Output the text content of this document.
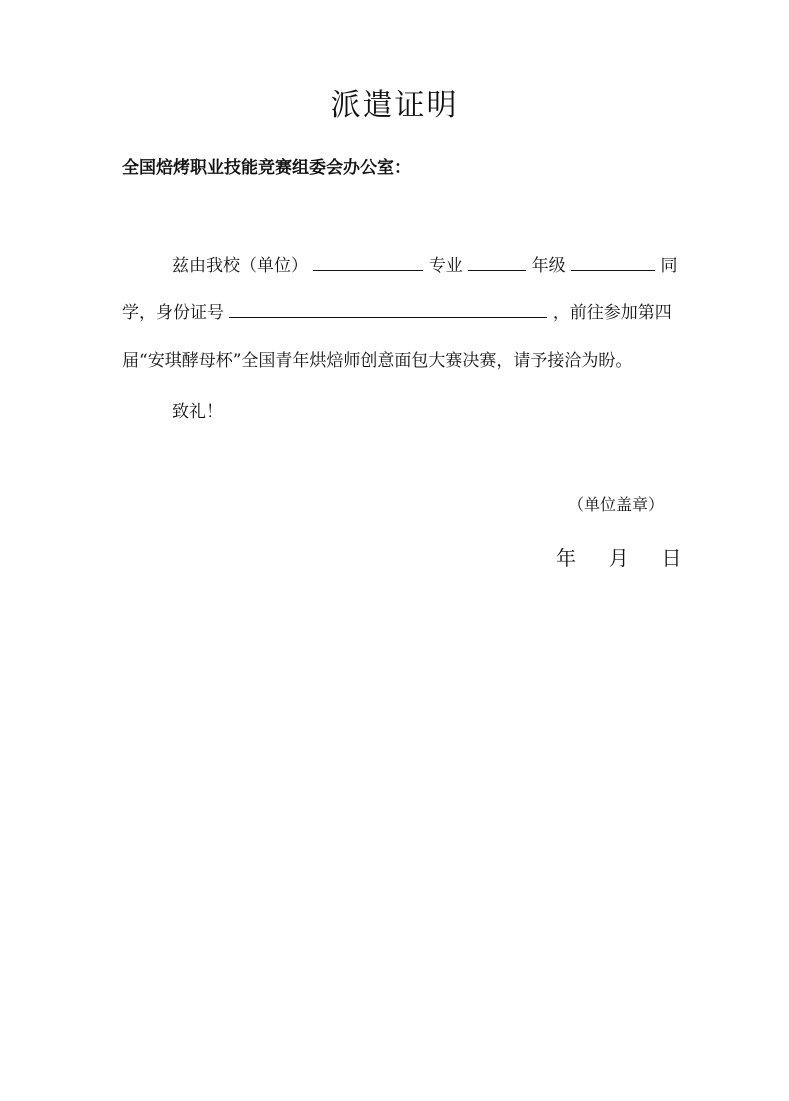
派遣证明
全国焙烤职业技能竞赛组委会办公室：
兹由我校（单位）	专业	年级	同
学，身份证号	，前往参加第四
届“安琪酵母杯”全国青年烘焙师创意面包大赛决赛，请予接洽为盼。
致礼！
（单位盖章）
年 月 日
